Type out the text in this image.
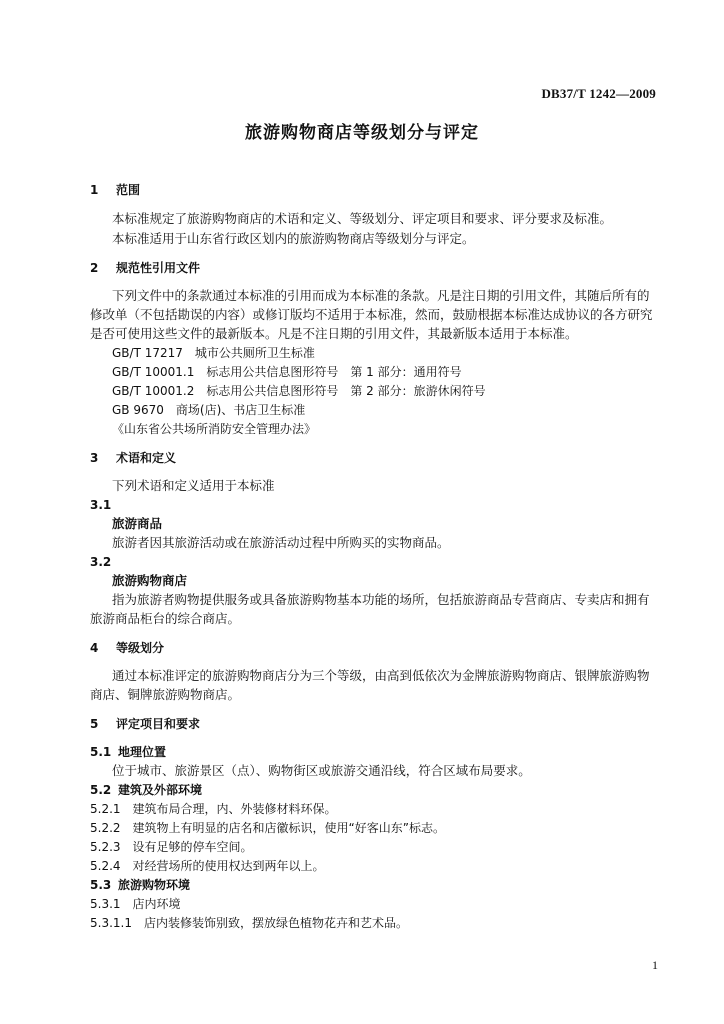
DB37/T 1242—2009
旅游购物商店等级划分与评定
1 范围
本标准规定了旅游购物商店的术语和定义、等级划分、评定项目和要求、评分要求及标准。
本标准适用于山东省行政区划内的旅游购物商店等级划分与评定。
2 规范性引用文件
下列文件中的条款通过本标准的引用而成为本标准的条款。凡是注日期的引用文件，其随后所有的
修改单（不包括勘误的内容）或修订版均不适用于本标准，然而，鼓励根据本标准达成协议的各方研究
是否可使用这些文件的最新版本。凡是不注日期的引用文件，其最新版本适用于本标准。
GB/T 17217　城市公共厕所卫生标准
GB/T 10001.1　标志用公共信息图形符号　第 1 部分：通用符号
GB/T 10001.2　标志用公共信息图形符号　第 2 部分：旅游休闲符号
GB 9670　商场(店)、书店卫生标准
《山东省公共场所消防安全管理办法》
3 术语和定义
下列术语和定义适用于本标准
3.1
旅游商品
旅游者因其旅游活动或在旅游活动过程中所购买的实物商品。
3.2
旅游购物商店
指为旅游者购物提供服务或具备旅游购物基本功能的场所，包括旅游商品专营商店、专卖店和拥有
旅游商品柜台的综合商店。
4 等级划分
通过本标准评定的旅游购物商店分为三个等级，由高到低依次为金牌旅游购物商店、银牌旅游购物
商店、铜牌旅游购物商店。
5 评定项目和要求
5.1 地理位置
位于城市、旅游景区（点）、购物街区或旅游交通沿线，符合区域布局要求。
5.2 建筑及外部环境
5.2.1　建筑布局合理，内、外装修材料环保。
5.2.2　建筑物上有明显的店名和店徽标识，使用“好客山东”标志。
5.2.3　设有足够的停车空间。
5.2.4　对经营场所的使用权达到两年以上。
5.3 旅游购物环境
5.3.1　店内环境
5.3.1.1　店内装修装饰别致，摆放绿色植物花卉和艺术品。
1
